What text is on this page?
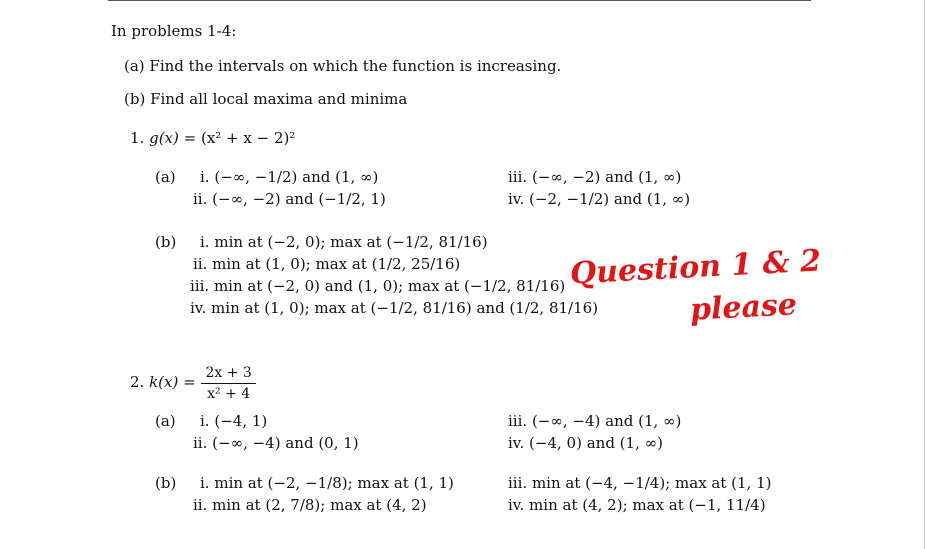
In problems 1-4:
(a) Find the intervals on which the function is increasing.
(b) Find all local maxima and minima
1. g(x) = (x² + x − 2)²
(a) i. (−∞, −1/2) and (1, ∞)
ii. (−∞, −2) and (−1/2, 1)
iii. (−∞, −2) and (1, ∞)
iv. (−2, −1/2) and (1, ∞)
(b) i. min at (−2, 0); max at (−1/2, 81/16)
ii. min at (1, 0); max at (1/2, 25/16)
iii. min at (−2, 0) and (1, 0); max at (−1/2, 81/16)
iv. min at (1, 0); max at (−1/2, 81/16) and (1/2, 81/16)
Question 1 & 2
please
2. $k(x) = \frac{2x + 3}{\text{x² + 4}}$
(a) i. (−4, 1)
ii. (−∞, −4) and (0, 1)
iii. (−∞, −4) and (1, ∞)
iv. (−4, 0) and (1, ∞)
(b) i. min at (−2, −1/8); max at (1, 1)
ii. min at (2, 7/8); max at (4, 2)
iii. min at (−4, −1/4); max at (1, 1)
iv. min at (4, 2); max at (−1, 11/4)
